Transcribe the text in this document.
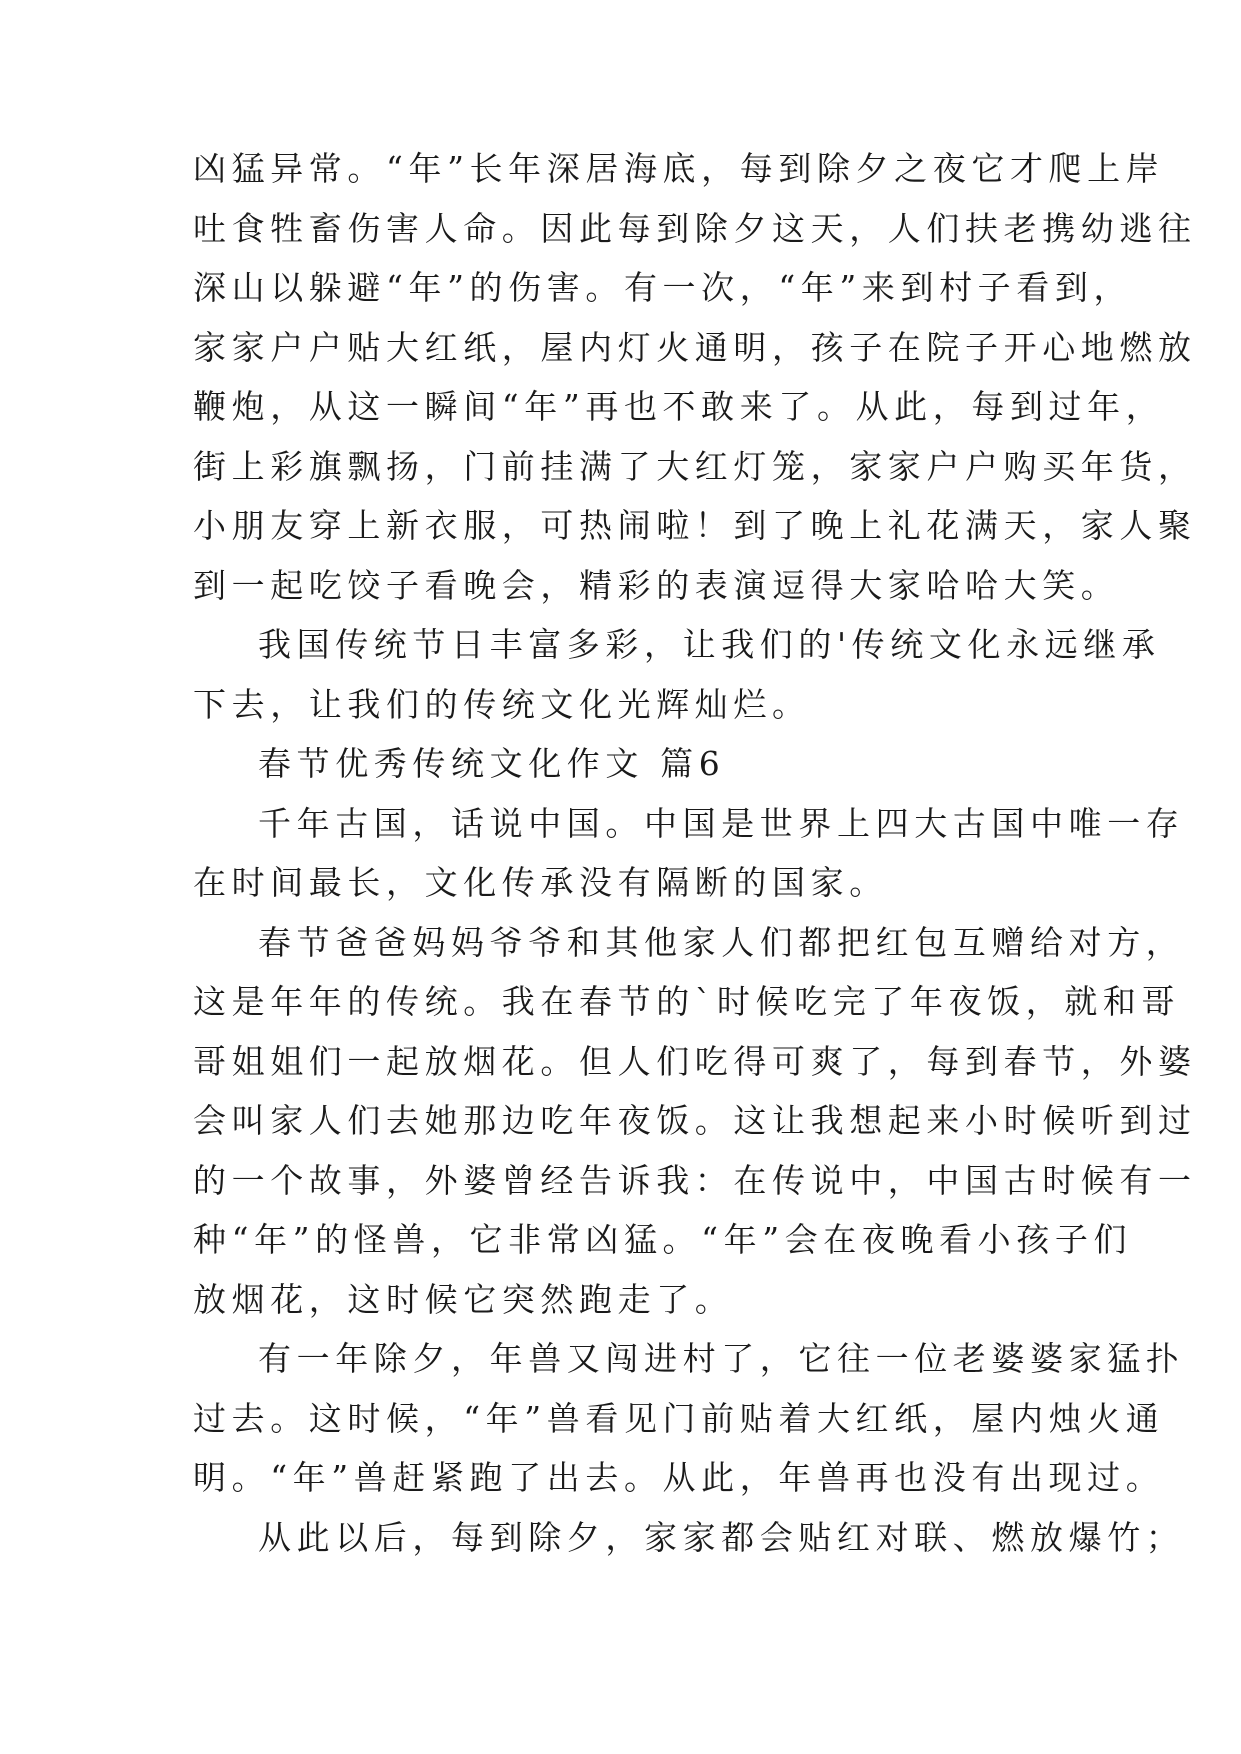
凶猛异常。“年”长年深居海底，每到除夕之夜它才爬上岸
吐食牲畜伤害人命。因此每到除夕这天，人们扶老携幼逃往
深山以躲避“年”的伤害。有一次，“年”来到村子看到，
家家户户贴大红纸，屋内灯火通明，孩子在院子开心地燃放
鞭炮，从这一瞬间“年”再也不敢来了。从此，每到过年，
街上彩旗飘扬，门前挂满了大红灯笼，家家户户购买年货，
小朋友穿上新衣服，可热闹啦！到了晚上礼花满天，家人聚
到一起吃饺子看晚会，精彩的表演逗得大家哈哈大笑。
我国传统节日丰富多彩，让我们的'传统文化永远继承
下去，让我们的传统文化光辉灿烂。
春节优秀传统文化作文 篇6
千年古国，话说中国。中国是世界上四大古国中唯一存
在时间最长，文化传承没有隔断的国家。
春节爸爸妈妈爷爷和其他家人们都把红包互赠给对方，
这是年年的传统。我在春节的`时候吃完了年夜饭，就和哥
哥姐姐们一起放烟花。但人们吃得可爽了，每到春节，外婆
会叫家人们去她那边吃年夜饭。这让我想起来小时候听到过
的一个故事，外婆曾经告诉我：在传说中，中国古时候有一
种“年”的怪兽，它非常凶猛。“年”会在夜晚看小孩子们
放烟花，这时候它突然跑走了。
有一年除夕，年兽又闯进村了，它往一位老婆婆家猛扑
过去。这时候，“年”兽看见门前贴着大红纸，屋内烛火通
明。“年”兽赶紧跑了出去。从此，年兽再也没有出现过。
从此以后，每到除夕，家家都会贴红对联、燃放爆竹；
